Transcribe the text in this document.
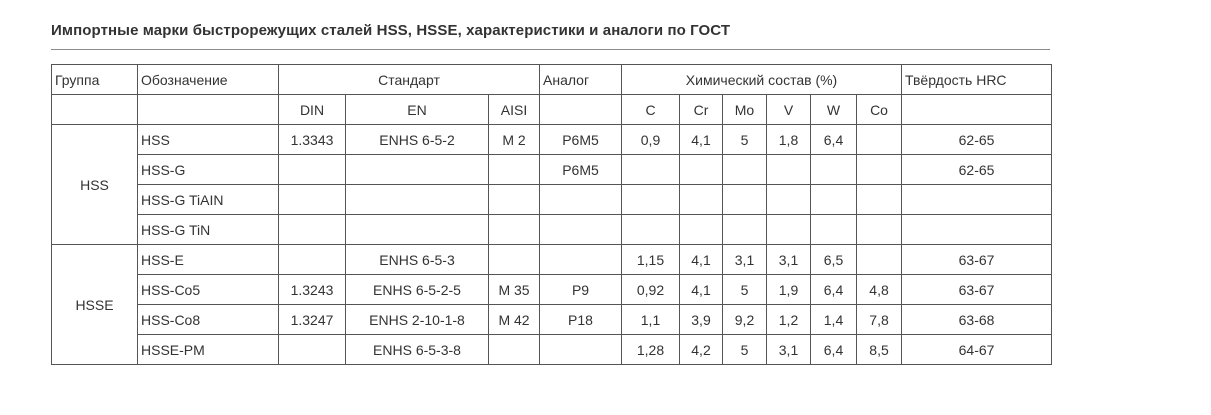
Импортные марки быстрорежущих сталей HSS, HSSE, характеристики и аналоги по ГОСТ
Группа	Обозначение	Стандарт			Аналог	Химический состав (%)						Твёрдость HRC
		DIN	EN	AISI		C	Cr	Mo	V	W	Co	
HSS	HSS	1.3343	ENHS 6-5-2	M 2	Р6М5	0,9	4,1	5	1,8	6,4		62-65
	HSS-G				Р6М5							62-65
	HSS-G TiAIN											
	HSS-G TiN											
HSSE	HSS-E		ENHS 6-5-3			1,15	4,1	3,1	3,1	6,5		63-67
	HSS-Co5	1.3243	ENHS 6-5-2-5	M 35	Р9	0,92	4,1	5	1,9	6,4	4,8	63-67
	HSS-Co8	1.3247	ENHS 2-10-1-8	M 42	Р18	1,1	3,9	9,2	1,2	1,4	7,8	63-68
	HSSE-PM		ENHS 6-5-3-8			1,28	4,2	5	3,1	6,4	8,5	64-67
